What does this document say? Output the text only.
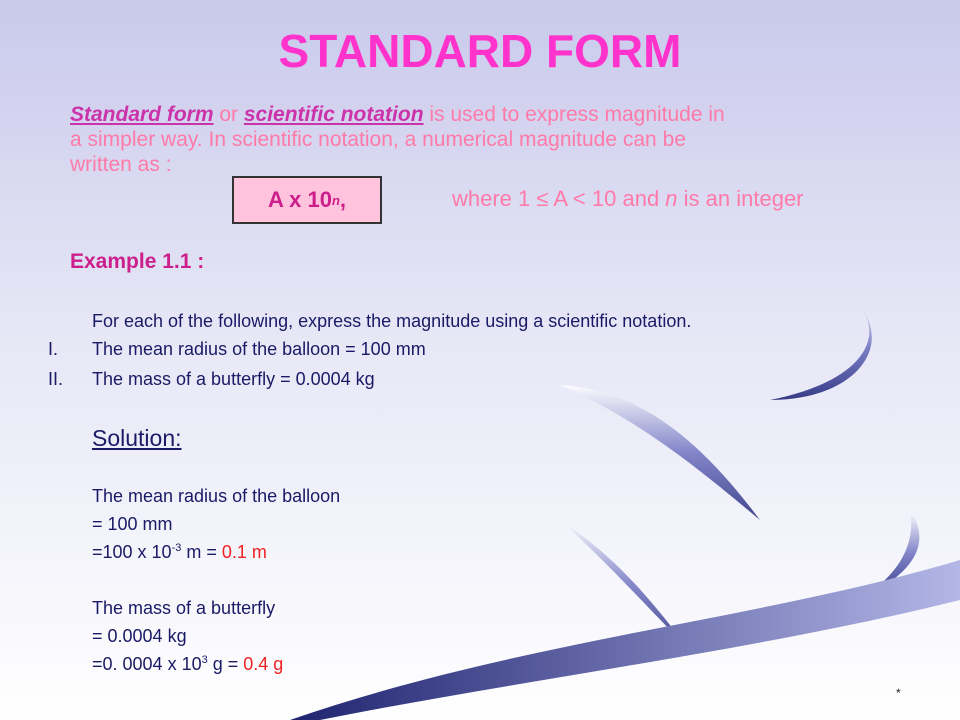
STANDARD FORM
Standard form or scientific notation is used to express magnitude in
a simpler way. In scientific notation, a numerical magnitude can be
written as :
A x 10 n ,	where 1 ≤ A < 10 and n is an integer
Example 1.1 :
For each of the following, express the magnitude using a scientific notation.
I. The mean radius of the balloon = 100 mm
II. The mass of a butterfly = 0.0004 kg
Solution:
The mean radius of the balloon
= 100 mm
=100 x $10^{-3}$ m = 0.1 m
The mass of a butterfly
= 0.0004 kg
=0. 0004 x $10^3$ g = 0.4 g
*
